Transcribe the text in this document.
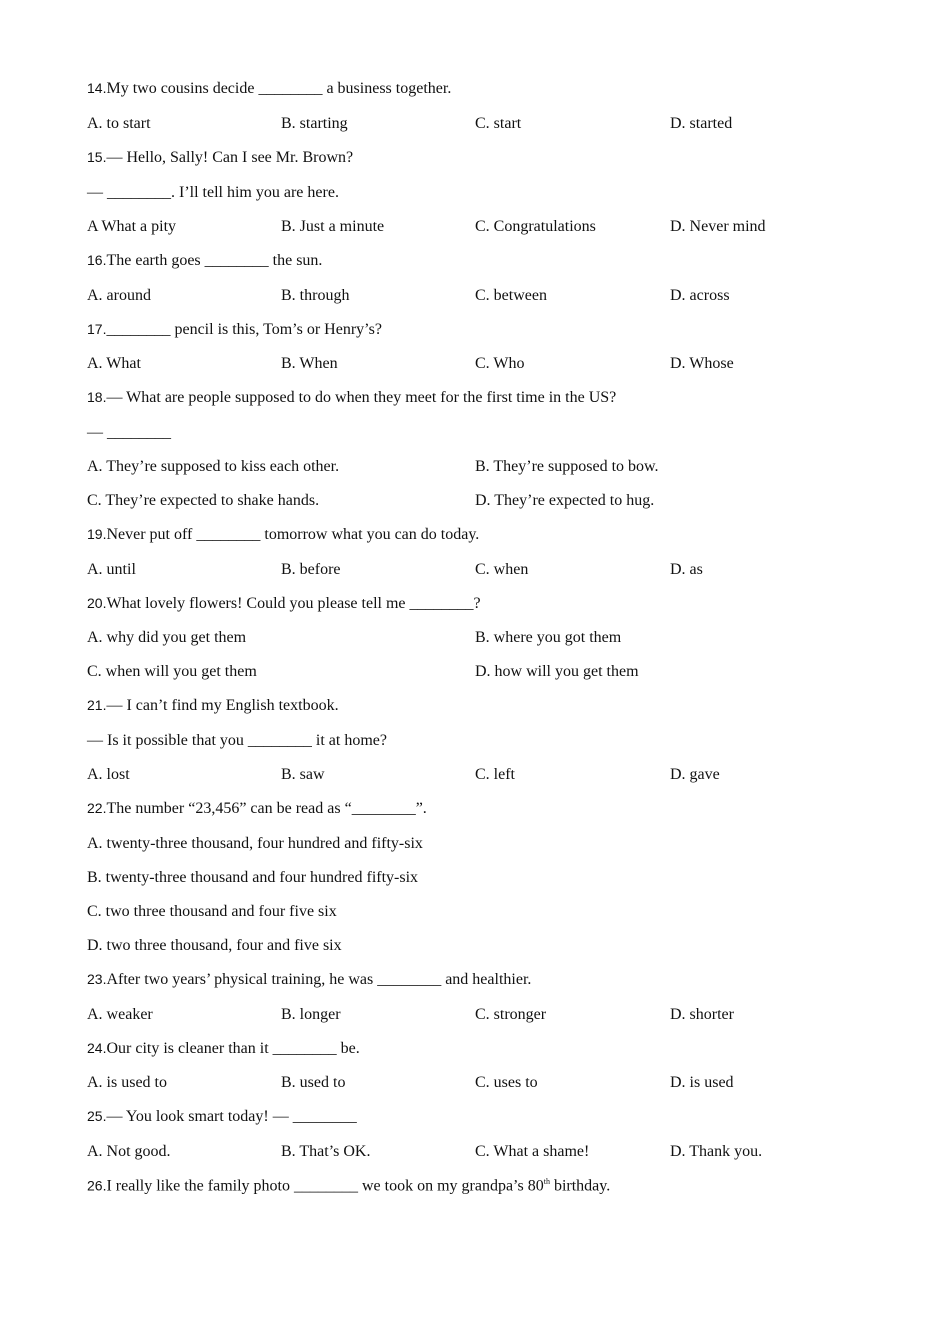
14.My two cousins decide ________ a business together.
A. to start	B. starting	C. start	D. started
15.— Hello, Sally! Can I see Mr. Brown?
— ________. I’ll tell him you are here.
A What a pity	B. Just a minute	C. Congratulations	D. Never mind
16.The earth goes ________ the sun.
A. around	B. through	C. between	D. across
17.________ pencil is this, Tom’s or Henry’s?
A. What	B. When	C. Who	D. Whose
18.— What are people supposed to do when they meet for the first time in the US?
— ________
A. They’re supposed to kiss each other.	B. They’re supposed to bow.
C. They’re expected to shake hands.	D. They’re expected to hug.
19.Never put off ________ tomorrow what you can do today.
A. until	B. before	C. when	D. as
20.What lovely flowers! Could you please tell me ________?
A. why did you get them	B. where you got them
C. when will you get them	D. how will you get them
21.— I can’t find my English textbook.
— Is it possible that you ________ it at home?
A. lost	B. saw	C. left	D. gave
22.The number “23,456” can be read as “________”.
A. twenty-three thousand, four hundred and fifty-six
B. twenty-three thousand and four hundred fifty-six
C. two three thousand and four five six
D. two three thousand, four and five six
23.After two years’ physical training, he was ________ and healthier.
A. weaker	B. longer	C. stronger	D. shorter
24.Our city is cleaner than it ________ be.
A. is used to	B. used to	C. uses to	D. is used
25.— You look smart today! — ________
A. Not good.	B. That’s OK.	C. What a shame!	D. Thank you.
26.I really like the family photo ________ we took on my grandpa’s 80th birthday.
